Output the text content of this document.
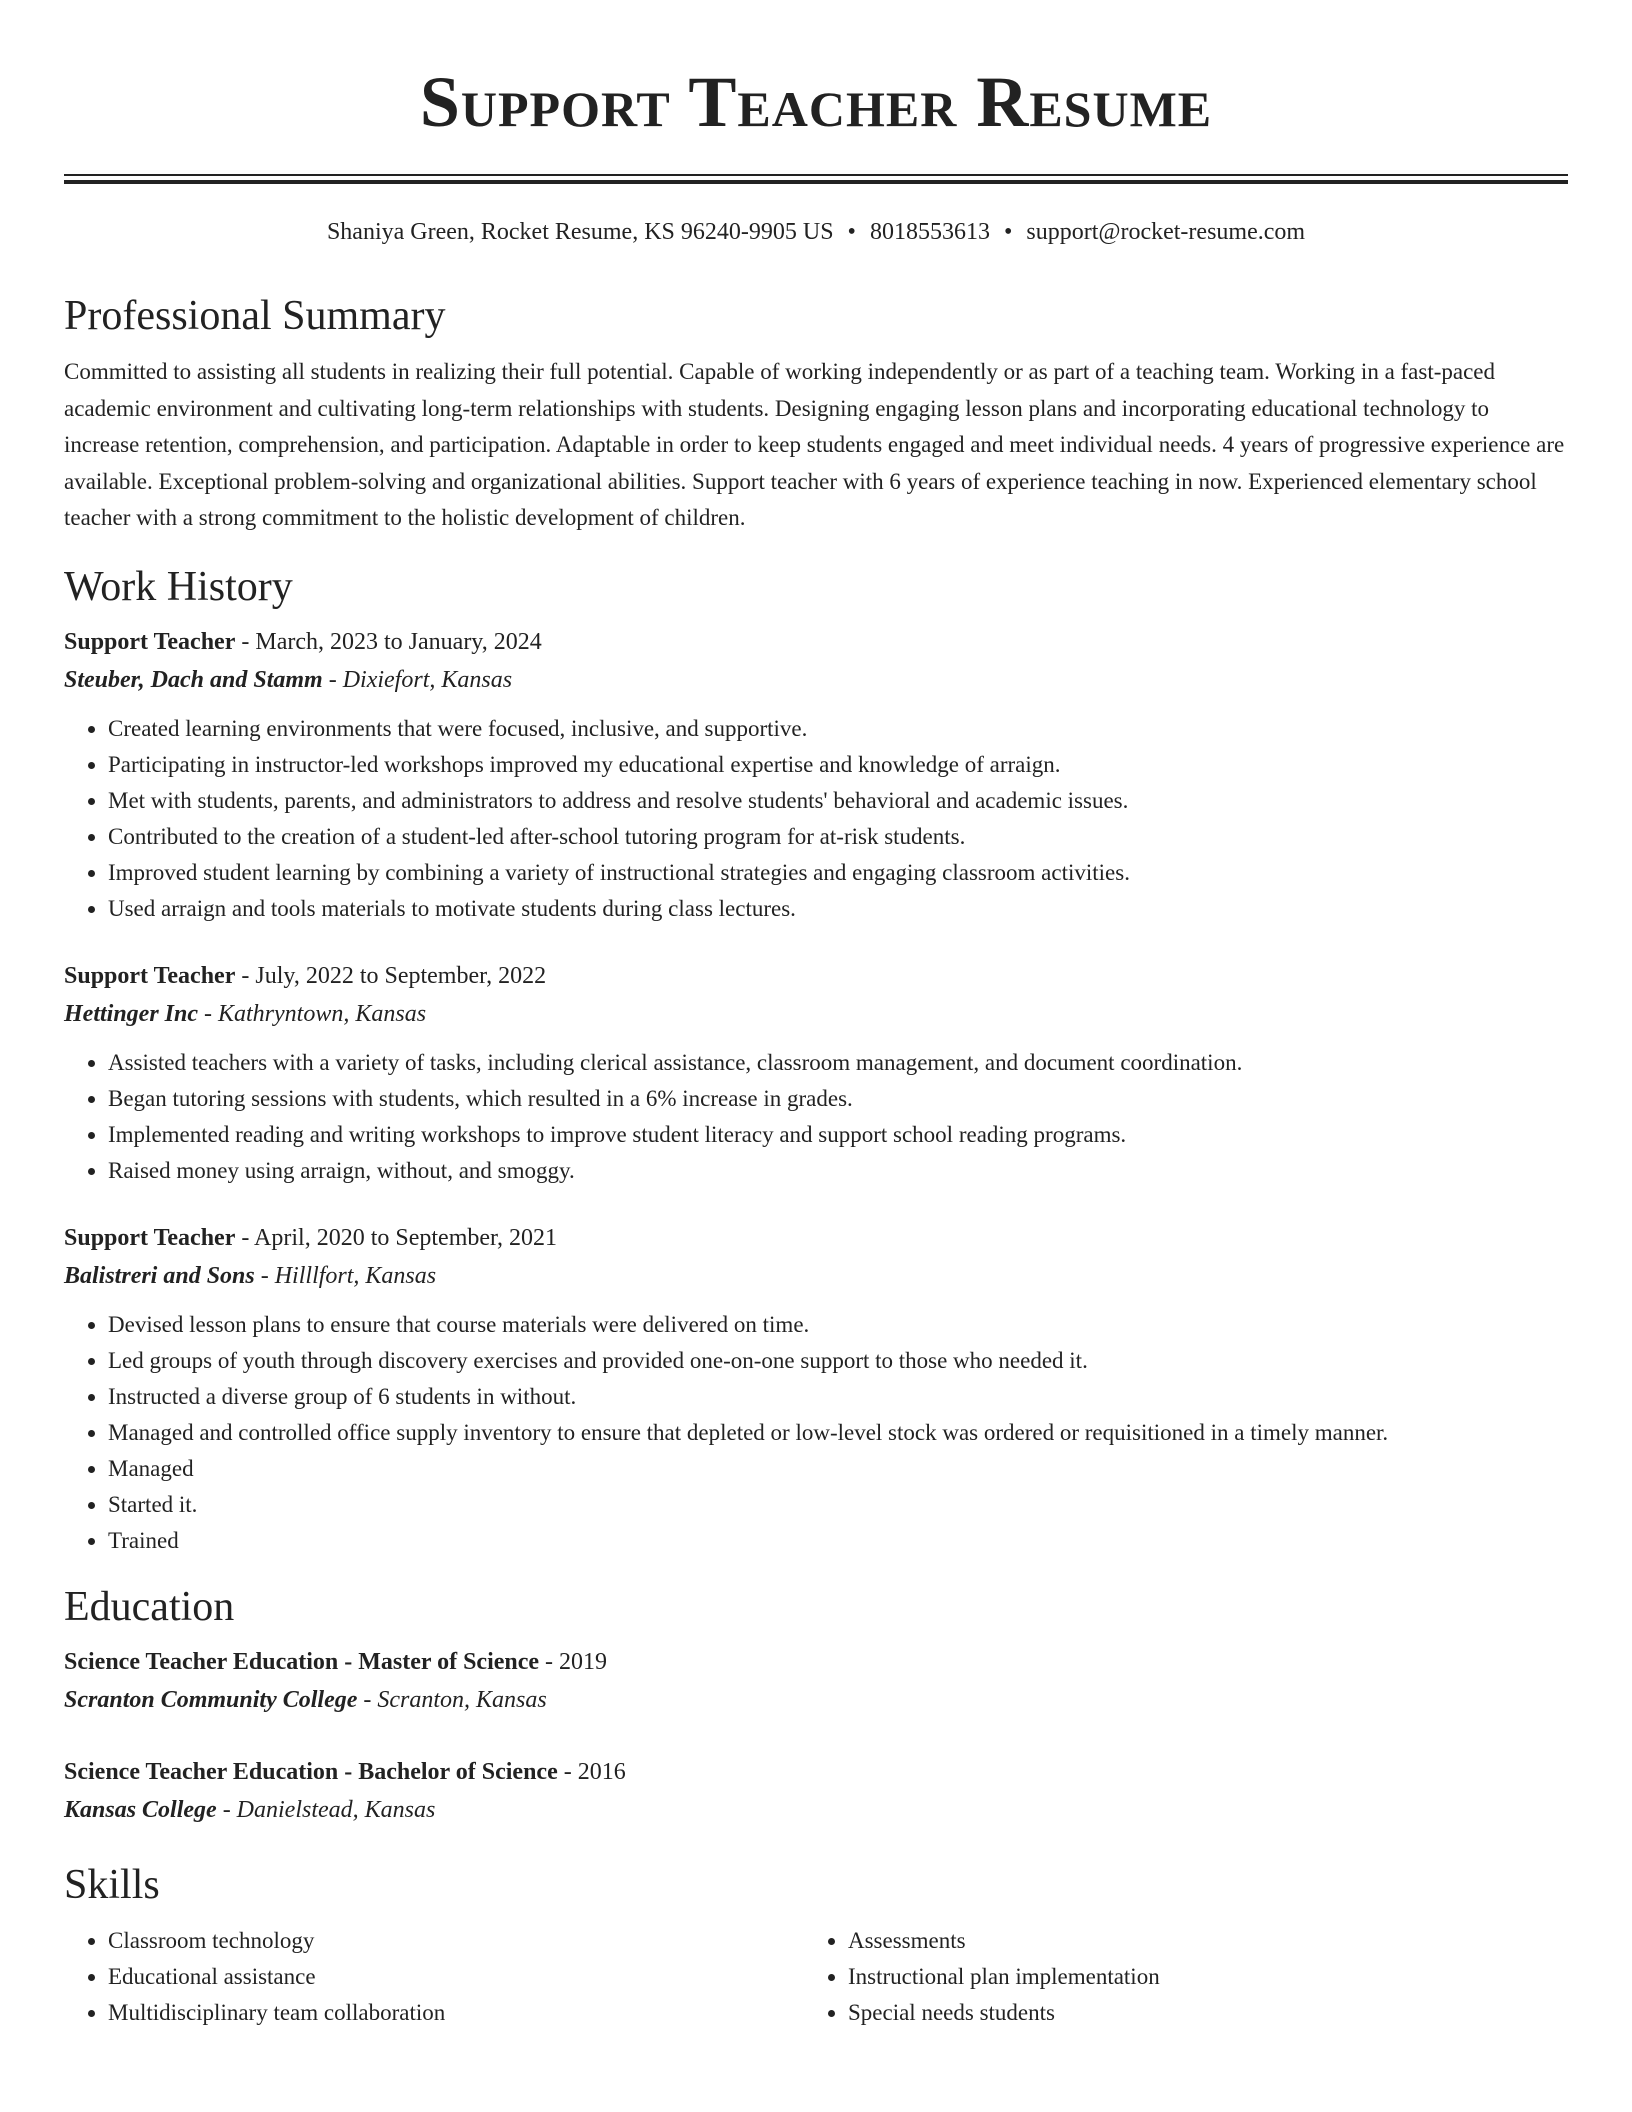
Support Teacher Resume
Shaniya Green, Rocket Resume, KS 96240-9905 US • 8018553613 • support@rocket-resume.com
Professional Summary

Committed to assisting all students in realizing their full potential. Capable of working independently or as part of a teaching team. Working in a fast-paced academic environment and cultivating long-term relationships with students. Designing engaging lesson plans and incorporating educational technology to increase retention, comprehension, and participation. Adaptable in order to keep students engaged and meet individual needs. 4 years of progressive experience are available. Exceptional problem-solving and organizational abilities. Support teacher with 6 years of experience teaching in now. Experienced elementary school teacher with a strong commitment to the holistic development of children.

Work History
Support Teacher - March, 2023 to January, 2024
Steuber, Dach and Stamm - Dixiefort, Kansas
• Created learning environments that were focused, inclusive, and supportive.
• Participating in instructor-led workshops improved my educational expertise and knowledge of arraign.
• Met with students, parents, and administrators to address and resolve students' behavioral and academic issues.
• Contributed to the creation of a student-led after-school tutoring program for at-risk students.
• Improved student learning by combining a variety of instructional strategies and engaging classroom activities.
• Used arraign and tools materials to motivate students during class lectures.
Support Teacher - July, 2022 to September, 2022
Hettinger Inc - Kathryntown, Kansas
• Assisted teachers with a variety of tasks, including clerical assistance, classroom management, and document coordination.
• Began tutoring sessions with students, which resulted in a 6% increase in grades.
• Implemented reading and writing workshops to improve student literacy and support school reading programs.
• Raised money using arraign, without, and smoggy.
Support Teacher - April, 2020 to September, 2021
Balistreri and Sons - Hilllfort, Kansas
• Devised lesson plans to ensure that course materials were delivered on time.
• Led groups of youth through discovery exercises and provided one-on-one support to those who needed it.
• Instructed a diverse group of 6 students in without.
• Managed and controlled office supply inventory to ensure that depleted or low-level stock was ordered or requisitioned in a timely manner.
• Managed
• Started it.
• Trained
Education
Science Teacher Education - Master of Science - 2019
Scranton Community College - Scranton, Kansas
Science Teacher Education - Bachelor of Science - 2016
Kansas College - Danielstead, Kansas
Skills
• Classroom technology
• Educational assistance
• Multidisciplinary team collaboration
• Assessments
• Instructional plan implementation
• Special needs students
